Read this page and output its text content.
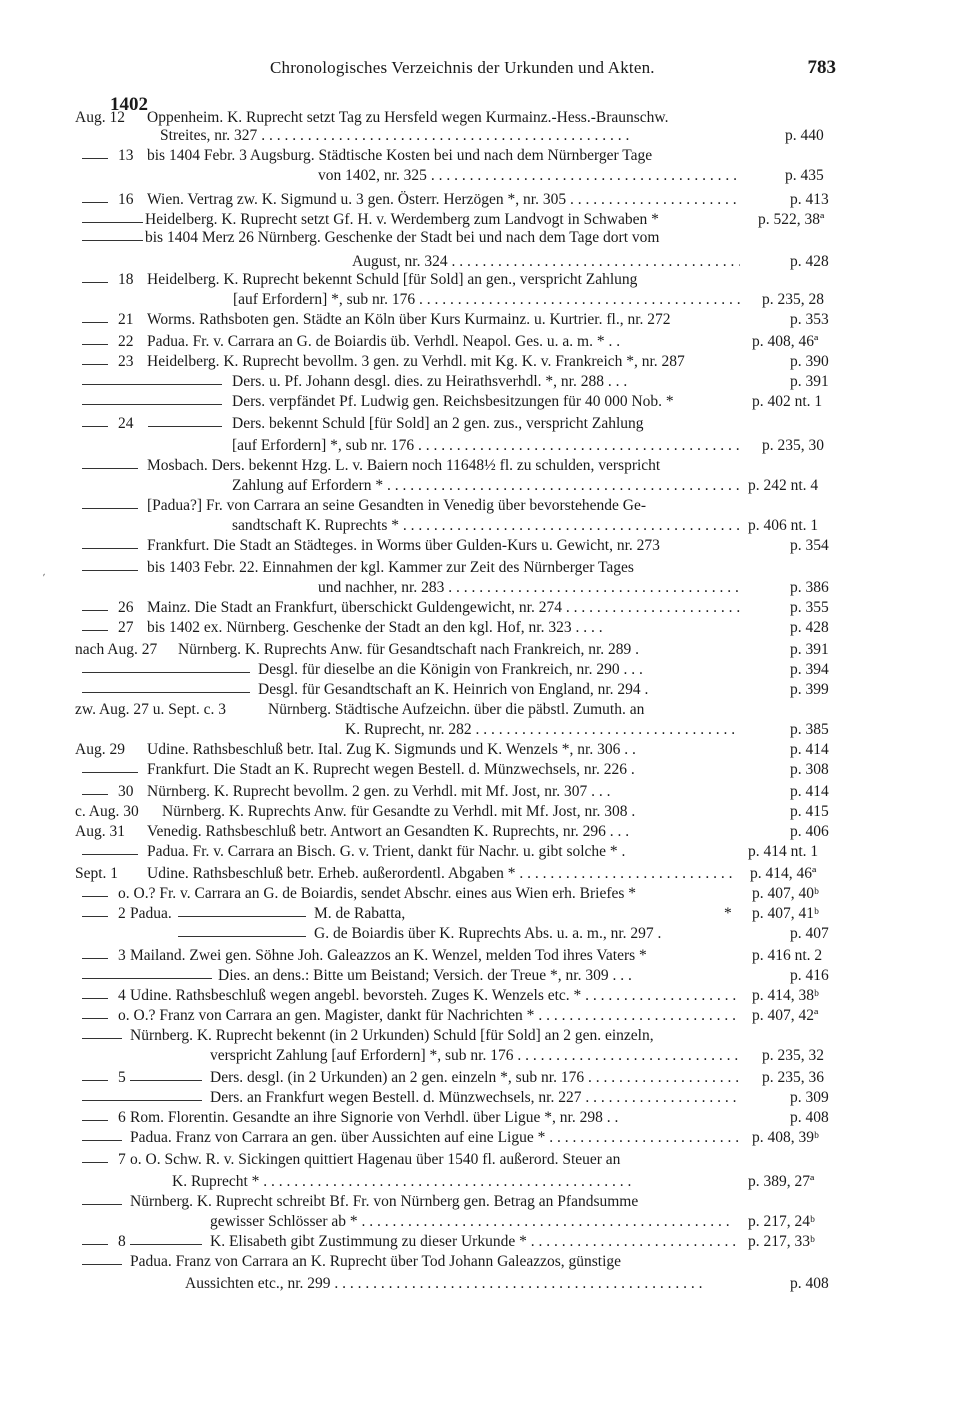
Chronologisches Verzeichnis der Urkunden und Akten.	783
1402
Aug. 12 Oppenheim. K. Ruprecht setzt Tag zu Hersfeld wegen Kurmainz.-Hess.-Braunschw.
Streites, nr. 327 . . .	p. 440
13 bis 1404 Febr. 3 Augsburg. Städtische Kosten bei und nach dem Nürnberger Tage
von 1402, nr. 325 . . .	p. 435
16 Wien. Vertrag zw. K. Sigmund u. 3 gen. Österr. Herzögen *, nr. 305 . . .	p. 413
Heidelberg. K. Ruprecht setzt Gf. H. v. Werdemberg zum Landvogt in Schwaben *	p. 522, 38ª
bis 1404 Merz 26 Nürnberg. Geschenke der Stadt bei und nach dem Tage dort vom
August, nr. 324 . . .	p. 428
18 Heidelberg. K. Ruprecht bekennt Schuld [für Sold] an gen., verspricht Zahlung
[auf Erfordern] *, sub nr. 176 . . .	p. 235, 28
21 Worms. Rathsboten gen. Städte an Köln über Kurs Kurmainz. u. Kurtrier. fl., nr. 272	p. 353
22 Padua. Fr. v. Carrara an G. de Boiardis üb. Verhdl. Neapol. Ges. u. a. m. * . .	p. 408, 46ª
23 Heidelberg. K. Ruprecht bevollm. 3 gen. zu Verhdl. mit Kg. K. v. Frankreich *, nr. 287	p. 390
Ders. u. Pf. Johann desgl. dies. zu Heirathsverhdl. *, nr. 288 . . .	p. 391
Ders. verpfändet Pf. Ludwig gen. Reichsbesitzungen für 40 000 Nob. *	p. 402 nt. 1
24	Ders. bekennt Schuld [für Sold] an 2 gen. zus., verspricht Zahlung
[auf Erfordern] *, sub nr. 176 . . .	p. 235, 30
Mosbach. Ders. bekennt Hzg. L. v. Baiern noch 11648½ fl. zu schulden, verspricht
Zahlung auf Erfordern * . . .	p. 242 nt. 4
[Padua?] Fr. von Carrara an seine Gesandten in Venedig über bevorstehende Ge-
sandtschaft K. Ruprechts * . . .	p. 406 nt. 1
Frankfurt. Die Stadt an Städteges. in Worms über Gulden-Kurs u. Gewicht, nr. 273	p. 354
bis 1403 Febr. 22. Einnahmen der kgl. Kammer zur Zeit des Nürnberger Tages
und nachher, nr. 283 . . .	p. 386
26 Mainz. Die Stadt an Frankfurt, überschickt Guldengewicht, nr. 274 . . .	p. 355
27 bis 1402 ex. Nürnberg. Geschenke der Stadt an den kgl. Hof, nr. 323 . . . .	p. 428
nach Aug. 27 Nürnberg. K. Ruprechts Anw. für Gesandtschaft nach Frankreich, nr. 289 .	p. 391
Desgl. für dieselbe an die Königin von Frankreich, nr. 290 . . .	p. 394
Desgl. für Gesandtschaft an K. Heinrich von England, nr. 294 .	p. 399
zw. Aug. 27 u. Sept. c. 3	Nürnberg. Städtische Aufzeichn. über die päbstl. Zumuth. an
K. Ruprecht, nr. 282 . . .	p. 385
Aug. 29 Udine. Rathsbeschluß betr. Ital. Zug K. Sigmunds und K. Wenzels *, nr. 306 . .	p. 414
Frankfurt. Die Stadt an K. Ruprecht wegen Bestell. d. Münzwechsels, nr. 226 .	p. 308
30 Nürnberg. K. Ruprecht bevollm. 2 gen. zu Verhdl. mit Mf. Jost, nr. 307 . . .	p. 414
c. Aug. 30 Nürnberg. K. Ruprechts Anw. für Gesandte zu Verhdl. mit Mf. Jost, nr. 308 .	p. 415
Aug. 31 Venedig. Rathsbeschluß betr. Antwort an Gesandten K. Ruprechts, nr. 296 . . .	p. 406
Padua. Fr. v. Carrara an Bisch. G. v. Trient, dankt für Nachr. u. gibt solche * .	p. 414 nt. 1
Sept. 1 Udine. Rathsbeschluß betr. Erheb. außerordentl. Abgaben * . . .	p. 414, 46ª
o. O.? Fr. v. Carrara an G. de Boiardis, sendet Abschr. eines aus Wien erh. Briefes *	p. 407, 40ᵇ
2 Padua.	p. 407, 41ᵇ
M. de Rabatta,	*
G. de Boiardis über K. Ruprechts Abs. u. a. m., nr. 297 .	p. 407
3 Mailand. Zwei gen. Söhne Joh. Galeazzos an K. Wenzel, melden Tod ihres Vaters *	p. 416 nt. 2
Dies. an dens.: Bitte um Beistand; Versich. der Treue *, nr. 309 . . .	p. 416
4 Udine. Rathsbeschluß wegen angebl. bevorsteh. Zuges K. Wenzels etc. * . . .	p. 414, 38ᵇ
o. O.? Franz von Carrara an gen. Magister, dankt für Nachrichten * . . .	p. 407, 42ª
Nürnberg. K. Ruprecht bekennt (in 2 Urkunden) Schuld [für Sold] an 2 gen. einzeln,
verspricht Zahlung [auf Erfordern] *, sub nr. 176 . . .	p. 235, 32
5	Ders. desgl. (in 2 Urkunden) an 2 gen. einzeln *, sub nr. 176 . . .	p. 235, 36
Ders. an Frankfurt wegen Bestell. d. Münzwechsels, nr. 227 . . .	p. 309
6 Rom. Florentin. Gesandte an ihre Signorie von Verhdl. über Ligue *, nr. 298 . .	p. 408
Padua. Franz von Carrara an gen. über Aussichten auf eine Ligue * . . .	p. 408, 39ᵇ
7 o. O. Schw. R. v. Sickingen quittiert Hagenau über 1540 fl. außerord. Steuer an
K. Ruprecht * . . .	p. 389, 27ª
Nürnberg. K. Ruprecht schreibt Bf. Fr. von Nürnberg gen. Betrag an Pfandsumme
gewisser Schlösser ab * . . .	p. 217, 24ᵇ
8	K. Elisabeth gibt Zustimmung zu dieser Urkunde * . . .	p. 217, 33ᵇ
Padua. Franz von Carrara an K. Ruprecht über Tod Johann Galeazzos, günstige
Aussichten etc., nr. 299 . . .	p. 408
´
